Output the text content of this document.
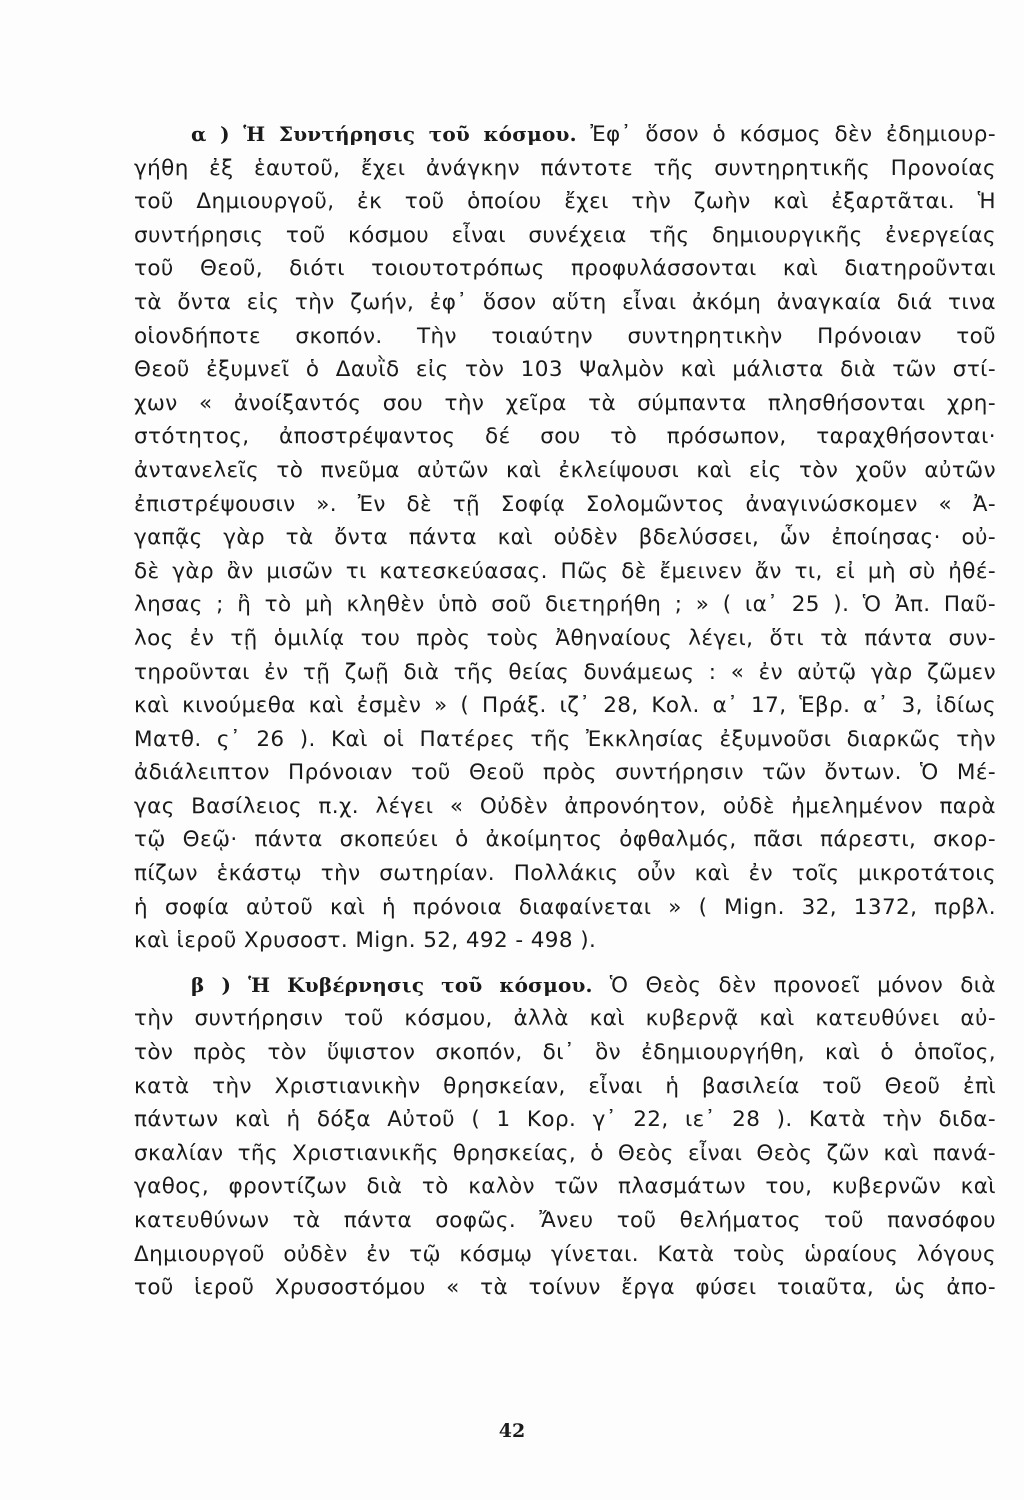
α ) Ἡ Συντήρησις τοῦ κόσμου. Ἐφ᾽ ὅσον ὁ κόσμος δὲν ἐδημιουρ-
γήθη ἐξ ἑαυτοῦ, ἔχει ἀνάγκην πάντοτε τῆς συντηρητικῆς Προνοίας
τοῦ Δημιουργοῦ, ἐκ τοῦ ὁποίου ἔχει τὴν ζωὴν καὶ ἐξαρτᾶται. Ἡ
συντήρησις τοῦ κόσμου εἶναι συνέχεια τῆς δημιουργικῆς ἐνεργείας
τοῦ Θεοῦ, διότι τοιουτοτρόπως προφυλάσσονται καὶ διατηροῦνται
τὰ ὄντα εἰς τὴν ζωήν, ἐφ᾽ ὅσον αὕτη εἶναι ἀκόμη ἀναγκαία διά τινα
οἱονδήποτε σκοπόν. Τὴν τοιαύτην συντηρητικὴν Πρόνοιαν τοῦ
Θεοῦ ἐξυμνεῖ ὁ Δαυῒδ εἰς τὸν 103 Ψαλμὸν καὶ μάλιστα διὰ τῶν στί-
χων « ἀνοίξαντός σου τὴν χεῖρα τὰ σύμπαντα πλησθήσονται χρη-
στότητος, ἀποστρέψαντος δέ σου τὸ πρόσωπον, ταραχθήσονται·
ἀντανελεῖς τὸ πνεῦμα αὐτῶν καὶ ἐκλείψουσι καὶ εἰς τὸν χοῦν αὐτῶν
ἐπιστρέψουσιν ». Ἐν δὲ τῇ Σοφίᾳ Σολομῶντος ἀναγινώσκομεν « Ἀ-
γαπᾷς γὰρ τὰ ὄντα πάντα καὶ οὐδὲν βδελύσσει, ὧν ἐποίησας· οὐ-
δὲ γὰρ ἂν μισῶν τι κατεσκεύασας. Πῶς δὲ ἔμεινεν ἄν τι, εἰ μὴ σὺ ἠθέ-
λησας ; ἢ τὸ μὴ κληθὲν ὑπὸ σοῦ διετηρήθη ; » ( ια᾽ 25 ). Ὁ Ἀπ. Παῦ-
λος ἐν τῇ ὁμιλίᾳ του πρὸς τοὺς Ἀθηναίους λέγει, ὅτι τὰ πάντα συν-
τηροῦνται ἐν τῇ ζωῇ διὰ τῆς θείας δυνάμεως : « ἐν αὐτῷ γὰρ ζῶμεν
καὶ κινούμεθα καὶ ἐσμὲν » ( Πράξ. ιζ᾽ 28, Κολ. α᾽ 17, Ἑβρ. α᾽ 3, ἰδίως
Ματθ. ς᾽ 26 ). Καὶ οἱ Πατέρες τῆς Ἐκκλησίας ἐξυμνοῦσι διαρκῶς τὴν
ἀδιάλειπτον Πρόνοιαν τοῦ Θεοῦ πρὸς συντήρησιν τῶν ὄντων. Ὁ Μέ-
γας Βασίλειος π.χ. λέγει « Οὐδὲν ἀπρονόητον, οὐδὲ ἠμελημένον παρὰ
τῷ Θεῷ· πάντα σκοπεύει ὁ ἀκοίμητος ὀφθαλμός, πᾶσι πάρεστι, σκορ-
πίζων ἑκάστῳ τὴν σωτηρίαν. Πολλάκις οὖν καὶ ἐν τοῖς μικροτάτοις
ἡ σοφία αὐτοῦ καὶ ἡ πρόνοια διαφαίνεται » ( Mign. 32, 1372, πρβλ.
καὶ ἱεροῦ Χρυσοστ. Mign. 52, 492 - 498 ).
β ) Ἡ Κυβέρνησις τοῦ κόσμου. Ὁ Θεὸς δὲν προνοεῖ μόνον διὰ
τὴν συντήρησιν τοῦ κόσμου, ἀλλὰ καὶ κυβερνᾷ καὶ κατευθύνει αὐ-
τὸν πρὸς τὸν ὕψιστον σκοπόν, δι᾽ ὃν ἐδημιουργήθη, καὶ ὁ ὁποῖος,
κατὰ τὴν Χριστιανικὴν θρησκείαν, εἶναι ἡ βασιλεία τοῦ Θεοῦ ἐπὶ
πάντων καὶ ἡ δόξα Αὐτοῦ ( 1 Κορ. γ᾽ 22, ιε᾽ 28 ). Κατὰ τὴν διδα-
σκαλίαν τῆς Χριστιανικῆς θρησκείας, ὁ Θεὸς εἶναι Θεὸς ζῶν καὶ πανά-
γαθος, φροντίζων διὰ τὸ καλὸν τῶν πλασμάτων του, κυβερνῶν καὶ
κατευθύνων τὰ πάντα σοφῶς. Ἄνευ τοῦ θελήματος τοῦ πανσόφου
Δημιουργοῦ οὐδὲν ἐν τῷ κόσμῳ γίνεται. Κατὰ τοὺς ὡραίους λόγους
τοῦ ἱεροῦ Χρυσοστόμου « τὰ τοίνυν ἔργα φύσει τοιαῦτα, ὡς ἀπο-
42
